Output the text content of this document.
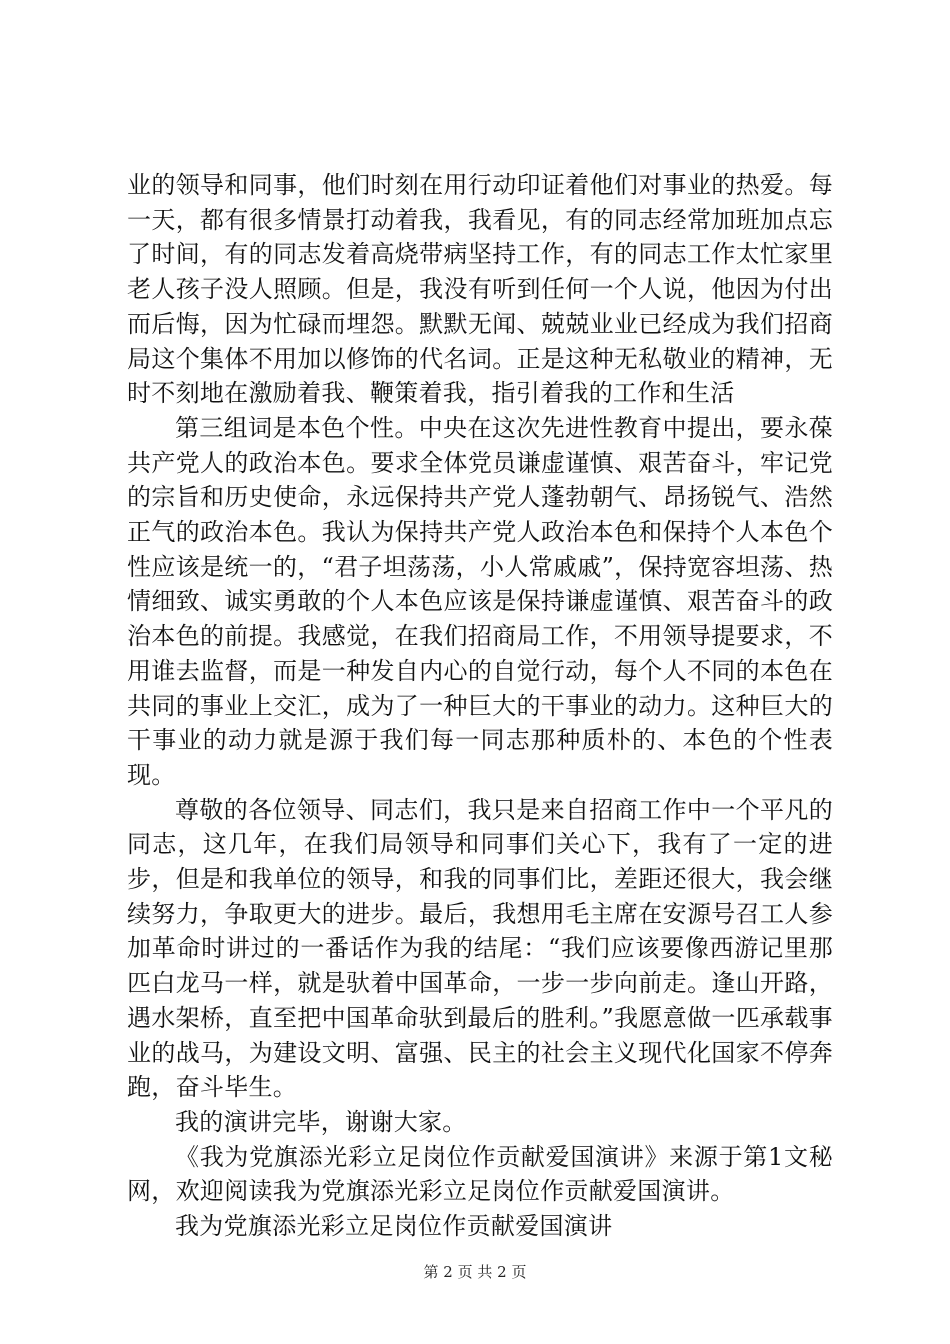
业的领导和同事，他们时刻在用行动印证着他们对事业的热爱。每一天，都有很多情景打动着我，我看见，有的同志经常加班加点忘了时间，有的同志发着高烧带病坚持工作，有的同志工作太忙家里老人孩子没人照顾。但是，我没有听到任何一个人说，他因为付出而后悔，因为忙碌而埋怨。默默无闻、兢兢业业已经成为我们招商局这个集体不用加以修饰的代名词。正是这种无私敬业的精神，无时不刻地在激励着我、鞭策着我，指引着我的工作和生活

第三组词是本色个性。中央在这次先进性教育中提出，要永葆共产党人的政治本色。要求全体党员谦虚谨慎、艰苦奋斗，牢记党的宗旨和历史使命，永远保持共产党人蓬勃朝气、昂扬锐气、浩然正气的政治本色。我认为保持共产党人政治本色和保持个人本色个性应该是统一的，“君子坦荡荡，小人常戚戚”，保持宽容坦荡、热情细致、诚实勇敢的个人本色应该是保持谦虚谨慎、艰苦奋斗的政治本色的前提。我感觉，在我们招商局工作，不用领导提要求，不用谁去监督，而是一种发自内心的自觉行动，每个人不同的本色在共同的事业上交汇，成为了一种巨大的干事业的动力。这种巨大的干事业的动力就是源于我们每一同志那种质朴的、本色的个性表现。

尊敬的各位领导、同志们，我只是来自招商工作中一个平凡的同志，这几年，在我们局领导和同事们关心下，我有了一定的进步，但是和我单位的领导，和我的同事们比，差距还很大，我会继续努力，争取更大的进步。最后，我想用毛主席在安源号召工人参加革命时讲过的一番话作为我的结尾：“我们应该要像西游记里那匹白龙马一样，就是驮着中国革命，一步一步向前走。逢山开路，遇水架桥，直至把中国革命驮到最后的胜利。”我愿意做一匹承载事业的战马，为建设文明、富强、民主的社会主义现代化国家不停奔跑，奋斗毕生。

我的演讲完毕，谢谢大家。

《我为党旗添光彩立足岗位作贡献爱国演讲》来源于第1文秘网，欢迎阅读我为党旗添光彩立足岗位作贡献爱国演讲。

我为党旗添光彩立足岗位作贡献爱国演讲

第 2 页 共 2 页
